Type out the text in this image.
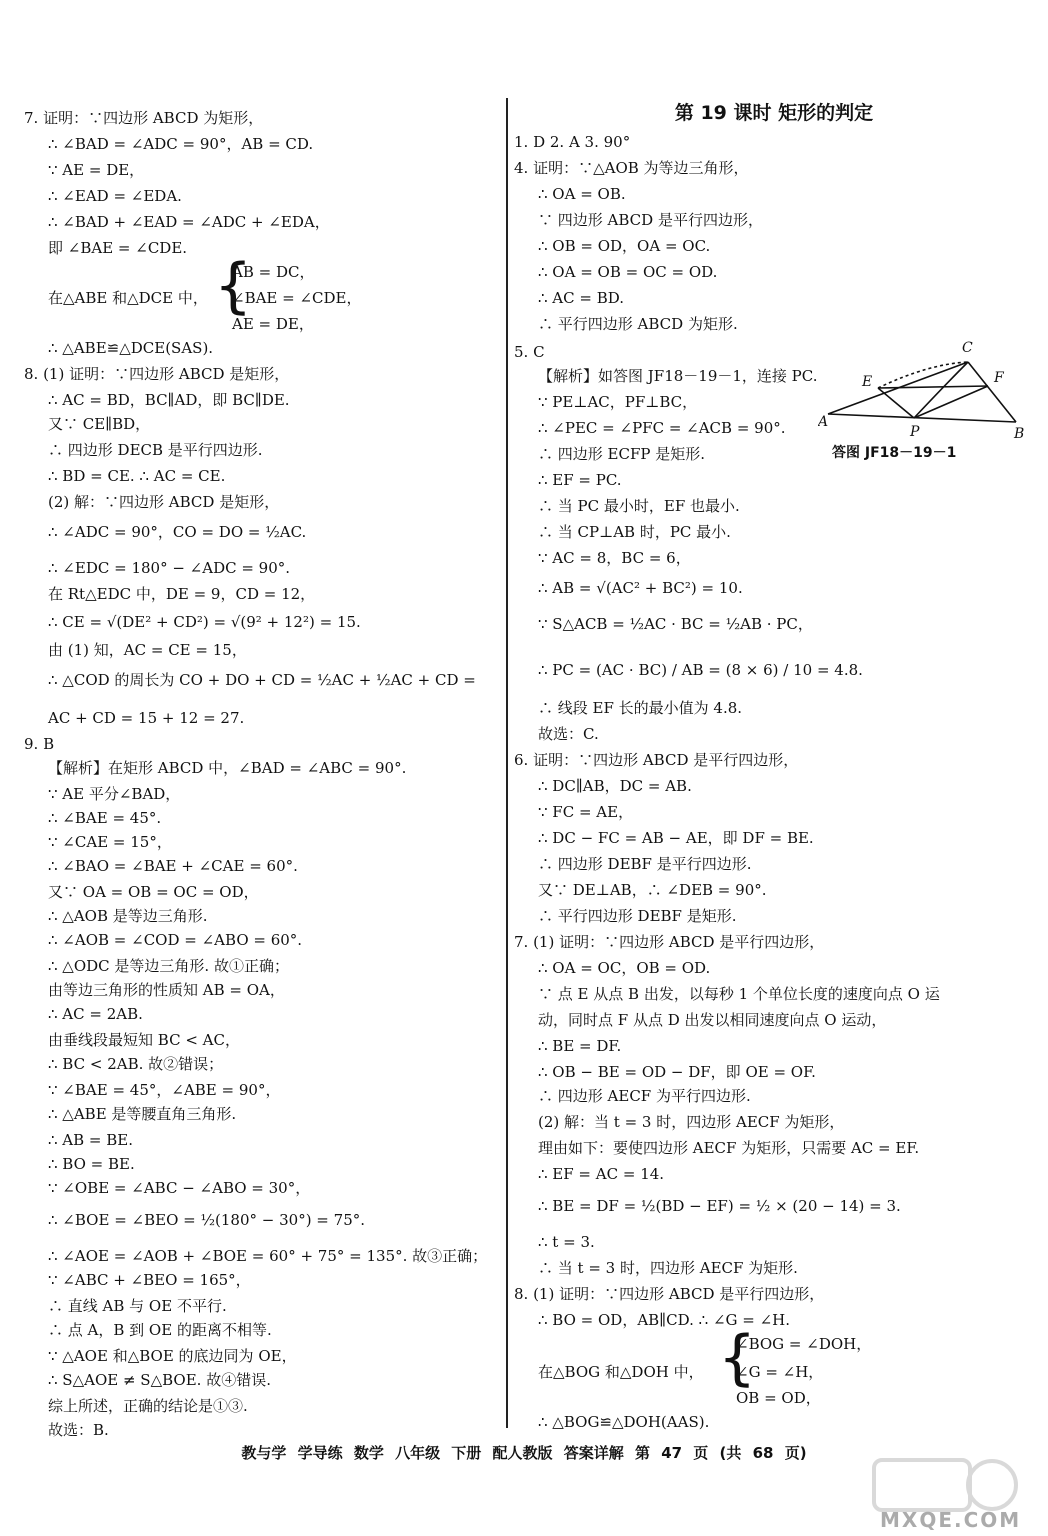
7. 证明：∵四边形 ABCD 为矩形，
∴ ∠BAD = ∠ADC = 90°，AB = CD.
∵ AE = DE，
∴ ∠EAD = ∠EDA.
∴ ∠BAD + ∠EAD = ∠ADC + ∠EDA，
即 ∠BAE = ∠CDE.
在△ABE 和△DCE 中，
AB = DC，
∠BAE = ∠CDE，
AE = DE，
∴ △ABE≌△DCE(SAS).
8. (1) 证明：∵四边形 ABCD 是矩形，
∴ AC = BD，BC∥AD，即 BC∥DE.
又∵ CE∥BD，
∴ 四边形 DECB 是平行四边形.
∴ BD = CE. ∴ AC = CE.
(2) 解：∵四边形 ABCD 是矩形，
∴ ∠ADC = 90°，CO = DO = ½AC.
∴ ∠EDC = 180° − ∠ADC = 90°.
在 Rt△EDC 中，DE = 9，CD = 12，
∴ CE = √(DE² + CD²) = √(9² + 12²) = 15.
由 (1) 知，AC = CE = 15，
∴ △COD 的周长为 CO + DO + CD = ½AC + ½AC + CD =
AC + CD = 15 + 12 = 27.
9. B
【解析】在矩形 ABCD 中，∠BAD = ∠ABC = 90°.
∵ AE 平分∠BAD，
∴ ∠BAE = 45°.
∵ ∠CAE = 15°，
∴ ∠BAO = ∠BAE + ∠CAE = 60°.
又∵ OA = OB = OC = OD，
∴ △AOB 是等边三角形.
∴ ∠AOB = ∠COD = ∠ABO = 60°.
∴ △ODC 是等边三角形. 故①正确；
由等边三角形的性质知 AB = OA，
∴ AC = 2AB.
由垂线段最短知 BC < AC，
∴ BC < 2AB. 故②错误；
∵ ∠BAE = 45°，∠ABE = 90°，
∴ △ABE 是等腰直角三角形.
∴ AB = BE.
∴ BO = BE.
∵ ∠OBE = ∠ABC − ∠ABO = 30°，
∴ ∠BOE = ∠BEO = ½(180° − 30°) = 75°.
∴ ∠AOE = ∠AOB + ∠BOE = 60° + 75° = 135°. 故③正确；
∵ ∠ABC + ∠BEO = 165°，
∴ 直线 AB 与 OE 不平行.
∴ 点 A，B 到 OE 的距离不相等.
∵ △AOE 和△BOE 的底边同为 OE，
∴ S△AOE ≠ S△BOE. 故④错误.
综上所述，正确的结论是①③.
故选：B.
{
第 19 课时 矩形的判定
C
E	F
A
P	B
答图 JF18－19－1
1. D 2. A 3. 90°
4. 证明：∵△AOB 为等边三角形，
∴ OA = OB.
∵ 四边形 ABCD 是平行四边形，
∴ OB = OD，OA = OC.
∴ OA = OB = OC = OD.
∴ AC = BD.
∴ 平行四边形 ABCD 为矩形.
5. C
【解析】如答图 JF18－19－1，连接 PC.
∵ PE⊥AC，PF⊥BC，
∴ ∠PEC = ∠PFC = ∠ACB = 90°.
∴ 四边形 ECFP 是矩形.
∴ EF = PC.
∴ 当 PC 最小时，EF 也最小.
∴ 当 CP⊥AB 时，PC 最小.
∵ AC = 8，BC = 6，
∴ AB = √(AC² + BC²) = 10.
∵ S△ACB = ½AC · BC = ½AB · PC，
∴ PC = (AC · BC) / AB = (8 × 6) / 10 = 4.8.
∴ 线段 EF 长的最小值为 4.8.
故选：C.
6. 证明：∵四边形 ABCD 是平行四边形，
∴ DC∥AB，DC = AB.
∵ FC = AE，
∴ DC − FC = AB − AE，即 DF = BE.
∴ 四边形 DEBF 是平行四边形.
又∵ DE⊥AB，∴ ∠DEB = 90°.
∴ 平行四边形 DEBF 是矩形.
7. (1) 证明：∵四边形 ABCD 是平行四边形，
∴ OA = OC，OB = OD.
∵ 点 E 从点 B 出发，以每秒 1 个单位长度的速度向点 O 运
动，同时点 F 从点 D 出发以相同速度向点 O 运动，
∴ BE = DF.
∴ OB − BE = OD − DF，即 OE = OF.
∴ 四边形 AECF 为平行四边形.
(2) 解：当 t = 3 时，四边形 AECF 为矩形，
理由如下：要使四边形 AECF 为矩形，只需要 AC = EF.
∴ EF = AC = 14.
∴ BE = DF = ½(BD − EF) = ½ × (20 − 14) = 3.
∴ t = 3.
∴ 当 t = 3 时，四边形 AECF 为矩形.
8. (1) 证明：∵四边形 ABCD 是平行四边形，
∴ BO = OD，AB∥CD. ∴ ∠G = ∠H.
在△BOG 和△DOH 中，
∠BOG = ∠DOH，
∠G = ∠H，
OB = OD，
∴ △BOG≌△DOH(AAS).
{
教与学 学导练 数学 八年级 下册 配人教版 答案详解 第 47 页 (共 68 页)
MXQE.COM
